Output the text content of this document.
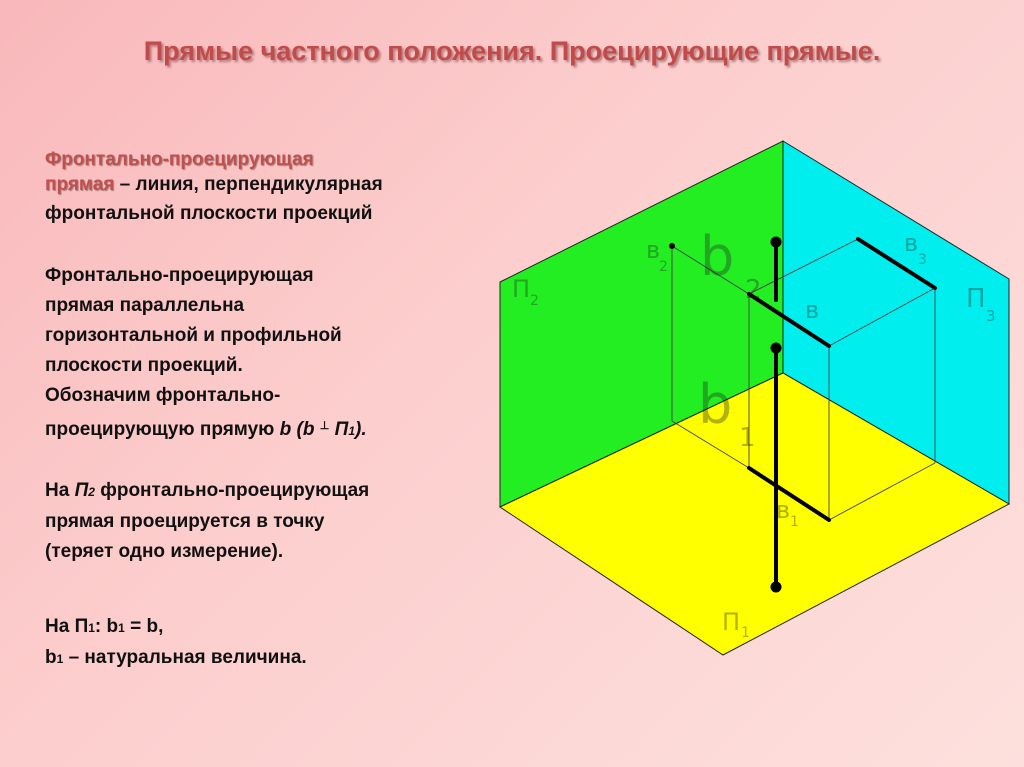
Прямые частного положения. Проецирующие прямые.
Фронтально-проецирующая
прямая – линия, перпендикулярная
фронтальной плоскости проекций
Фронтально-проецирующая
прямая параллельна
горизонтальной и профильной
плоскости проекций.
Обозначим фронтально-
проецирующую прямую b (b ⊥ П1).
На П2 фронтально-проецирующая
прямая проецируется в точку
(теряет одно измерение).
На П1: b1 = b,
b1 – натуральная величина.
П 2	П
3
П 1
в
2
в
3
в
в 1
b
2
b
1
